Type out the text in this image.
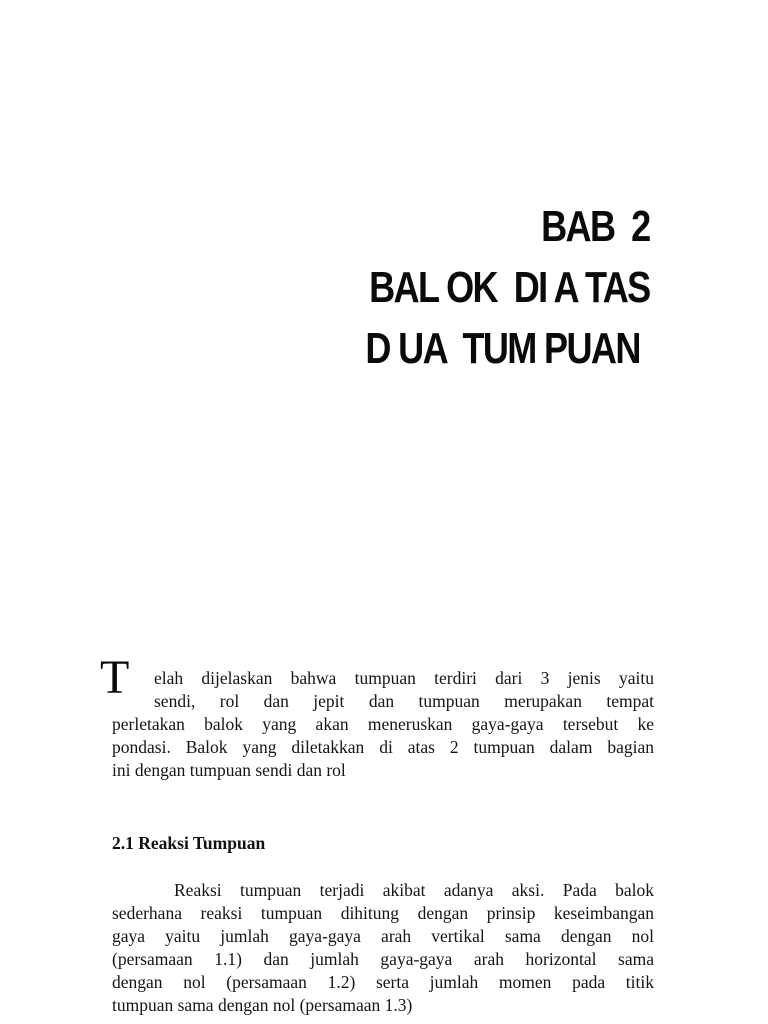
BAB  2
BAL OK  DI A TAS
D UA  TUM PUAN
T	elah dijelaskan bahwa tumpuan terdiri dari 3 jenis yaitu
sendi, rol dan jepit dan tumpuan merupakan tempat
perletakan balok yang akan meneruskan gaya-gaya tersebut ke
pondasi. Balok yang diletakkan di atas 2 tumpuan dalam bagian
ini dengan tumpuan sendi dan rol
2.1 Reaksi Tumpuan
Reaksi tumpuan terjadi akibat adanya aksi. Pada balok
sederhana reaksi tumpuan dihitung dengan prinsip keseimbangan
gaya yaitu jumlah gaya-gaya arah vertikal sama dengan nol
(persamaan 1.1) dan jumlah gaya-gaya arah horizontal sama
dengan nol (persamaan 1.2) serta jumlah momen pada titik
tumpuan sama dengan nol (persamaan 1.3)
